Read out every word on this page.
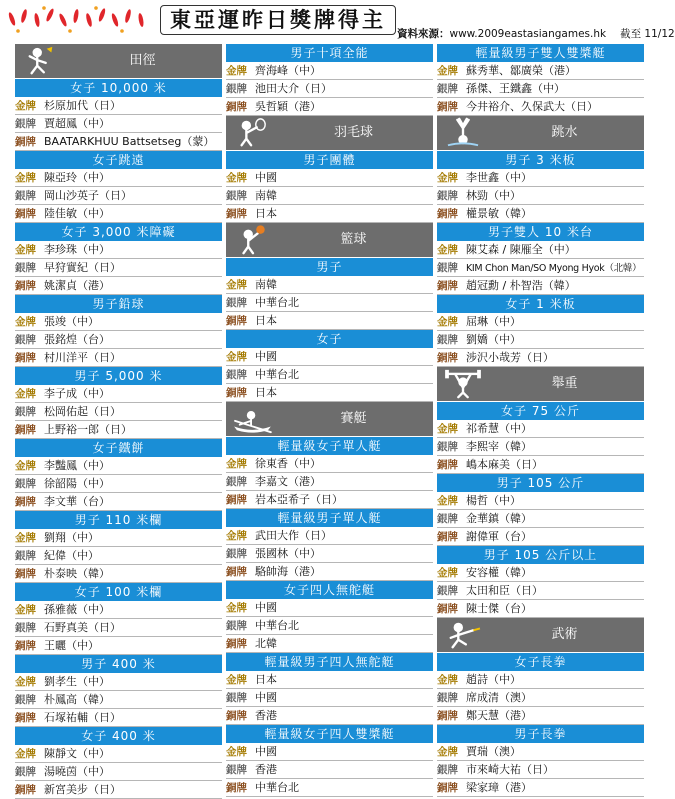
東亞運昨日獎牌得主
資料來源：www.2009eastasiangames.hk 截至 11/12
田徑
女子 10,000 米
金牌 杉原加代（日）
銀牌 賈超鳳（中）
銅牌 BAATARKHUU Battsetseg（蒙）
女子跳遠
金牌 陳亞玲（中）
銀牌 岡山沙英子（日）
銅牌 陸佳敏（中）
女子 3,000 米障礙
金牌 李珍珠（中）
銀牌 早狩實紀（日）
銅牌 姚潔貞（港）
男子鉛球
金牌 張竣（中）
銀牌 張銘煌（台）
銅牌 村川洋平（日）
男子 5,000 米
金牌 李子成（中）
銀牌 松岡佑起（日）
銅牌 上野裕一郎（日）
女子鐵餅
金牌 李豔鳳（中）
銀牌 徐韶陽（中）
銅牌 李文華（台）
男子 110 米欄
金牌 劉翔（中）
銀牌 紀偉（中）
銅牌 朴泰映（韓）
女子 100 米欄
金牌 孫雅薇（中）
銀牌 石野真美（日）
銅牌 王曬（中）
男子 400 米
金牌 劉孝生（中）
銀牌 朴鳳高（韓）
銅牌 石塚祐輔（日）
女子 400 米
金牌 陳靜文（中）
銀牌 湯曉茵（中）
銅牌 新宮美步（日）
男子十項全能
金牌 齊海峰（中）
銀牌 池田大介（日）
銅牌 吳哲穎（港）
羽毛球
男子團體
金牌 中國
銀牌 南韓
銅牌 日本
籃球
男子
金牌 南韓
銀牌 中華台北
銅牌 日本
女子
金牌 中國
銀牌 中華台北
銅牌 日本
賽艇
輕量級女子單人艇
金牌 徐東香（中）
銀牌 李嘉文（港）
銅牌 岩本亞希子（日）
輕量級男子單人艇
金牌 武田大作（日）
銀牌 張國林（中）
銅牌 駱帥海（港）
女子四人無舵艇
金牌 中國
銀牌 中華台北
銅牌 北韓
輕量級男子四人無舵艇
金牌 日本
銀牌 中國
銅牌 香港
輕量級女子四人雙槳艇
金牌 中國
銀牌 香港
銅牌 中華台北
輕量級男子雙人雙槳艇
金牌 蘇秀華、鄒廣榮（港）
銀牌 孫傑、王鐵鑫（中）
銅牌 今井裕介、久保武大（日）
跳水
男子 3 米板
金牌 李世鑫（中）
銀牌 林勁（中）
銅牌 權景敏（韓）
男子雙人 10 米台
金牌 陳艾森 / 陳雁全（中）
銀牌 KIM Chon Man/SO Myong Hyok（北韓）
銅牌 趙冠勳 / 朴智浩（韓）
女子 1 米板
金牌 屈琳（中）
銀牌 劉嬌（中）
銅牌 涉沢小哉芳（日）
舉重
女子 75 公斤
金牌 祁希慧（中）
銀牌 李熙宰（韓）
銅牌 嶋本麻美（日）
男子 105 公斤
金牌 楊哲（中）
銀牌 金華鎮（韓）
銅牌 謝偉軍（台）
男子 105 公斤以上
金牌 安容權（韓）
銀牌 太田和臣（日）
銅牌 陳士傑（台）
武術
女子長拳
金牌 趙詩（中）
銀牌 席成清（澳）
銅牌 鄭天慧（港）
男子長拳
金牌 賈瑞（澳）
銀牌 市來崎大祐（日）
銅牌 梁家璋（港）
